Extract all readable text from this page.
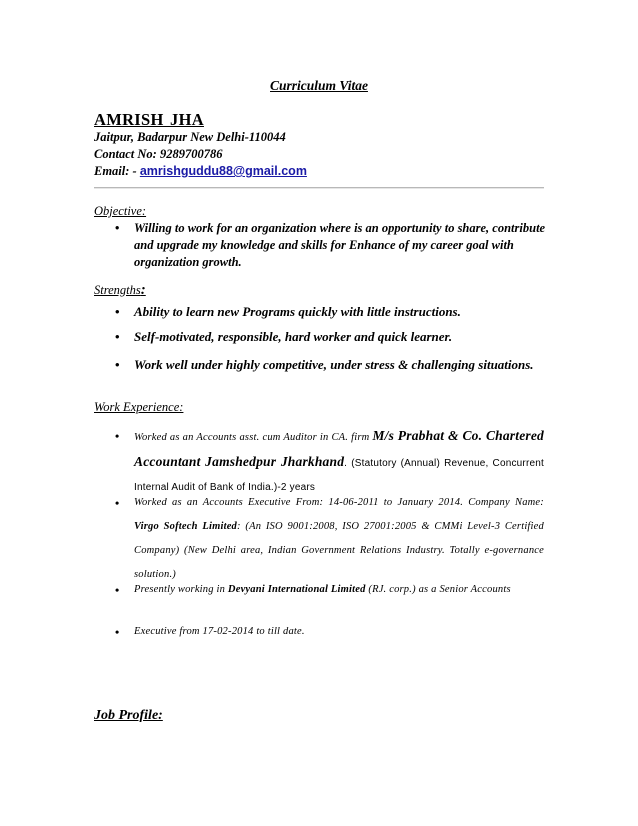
Curriculum Vitae
AMRISH JHA
Jaitpur, Badarpur New Delhi-110044
Contact No: 9289700786
Email: - amrishguddu88@gmail.com
Objective:
• Willing to work for an organization where is an opportunity to share, contribute and upgrade my knowledge and skills for Enhance of my career goal with organization growth.
Strengths:
• Ability to learn new Programs quickly with little instructions.
• Self-motivated, responsible, hard worker and quick learner.
• Work well under highly competitive, under stress & challenging situations.
Work Experience:
• Worked as an Accounts asst. cum Auditor in CA. firm M/s Prabhat & Co. Chartered Accountant Jamshedpur Jharkhand. (Statutory (Annual) Revenue, Concurrent Internal Audit of Bank of India.)-2 years
• Worked as an Accounts Executive From: 14-06-2011 to January 2014. Company Name: Virgo Softech Limited: (An ISO 9001:2008, ISO 27001:2005 & CMMi Level-3 Certified Company) (New Delhi area, Indian Government Relations Industry. Totally e-governance solution.)
• Presently working in Devyani International Limited (RJ. corp.) as a Senior Accounts
• Executive from 17-02-2014 to till date.
Job Profile:
